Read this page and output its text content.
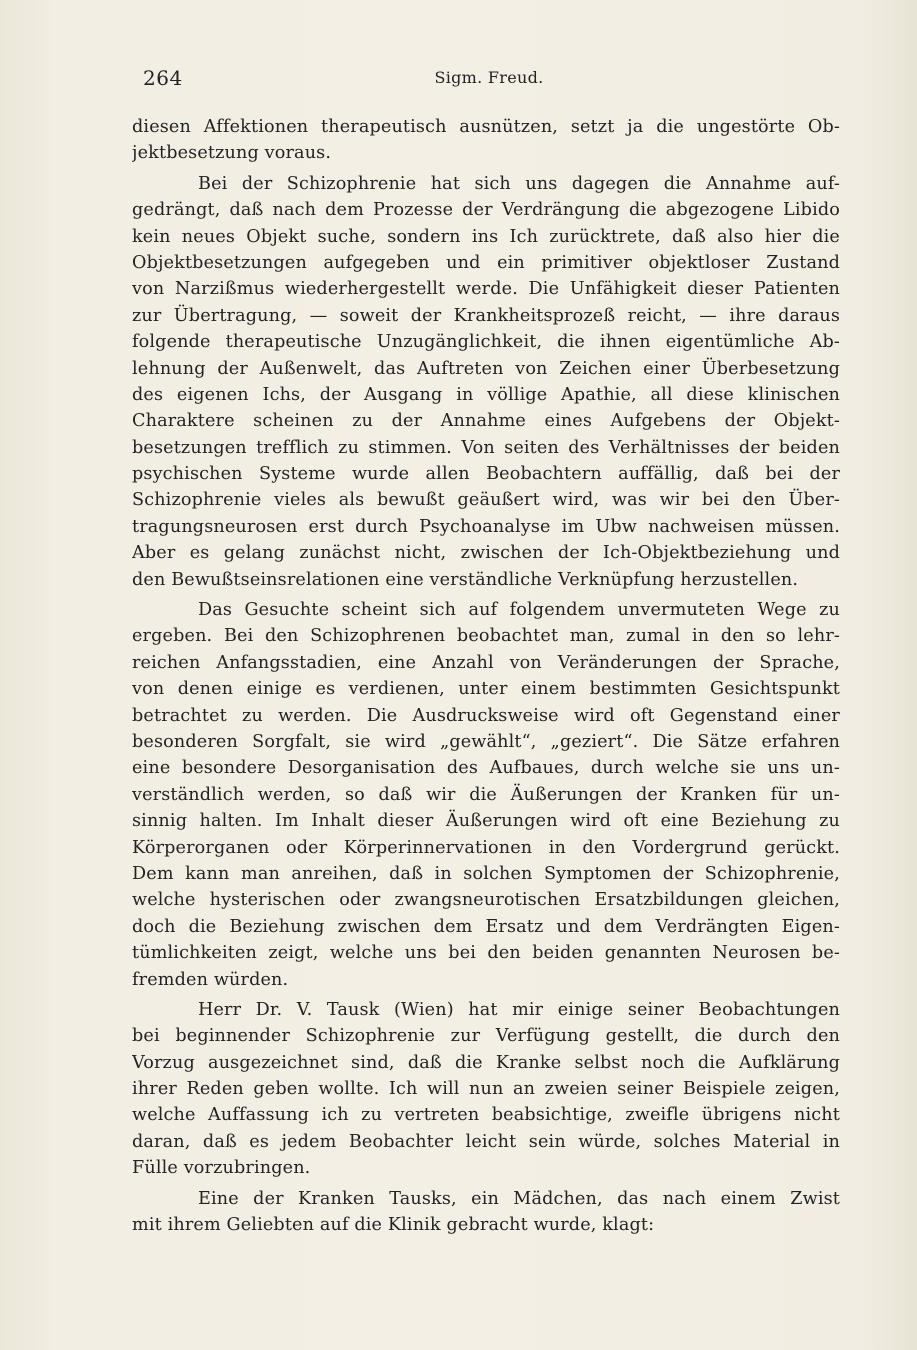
264	Sigm. Freud.
diesen Affektionen therapeutisch ausnützen, setzt ja die ungestörte Ob-
jektbesetzung voraus.
Bei der Schizophrenie hat sich uns dagegen die Annahme auf-
gedrängt, daß nach dem Prozesse der Verdrängung die abgezogene Libido
kein neues Objekt suche, sondern ins Ich zurücktrete, daß also hier die
Objektbesetzungen aufgegeben und ein primitiver objektloser Zustand
von Narzißmus wiederhergestellt werde. Die Unfähigkeit dieser Patienten
zur Übertragung, — soweit der Krankheitsprozeß reicht, — ihre daraus
folgende therapeutische Unzugänglichkeit, die ihnen eigentümliche Ab-
lehnung der Außenwelt, das Auftreten von Zeichen einer Überbesetzung
des eigenen Ichs, der Ausgang in völlige Apathie, all diese klinischen
Charaktere scheinen zu der Annahme eines Aufgebens der Objekt-
besetzungen trefflich zu stimmen. Von seiten des Verhältnisses der beiden
psychischen Systeme wurde allen Beobachtern auffällig, daß bei der
Schizophrenie vieles als bewußt geäußert wird, was wir bei den Über-
tragungsneurosen erst durch Psychoanalyse im Ubw nachweisen müssen.
Aber es gelang zunächst nicht, zwischen der Ich-Objektbeziehung und
den Bewußtseinsrelationen eine verständliche Verknüpfung herzustellen.
Das Gesuchte scheint sich auf folgendem unvermuteten Wege zu
ergeben. Bei den Schizophrenen beobachtet man, zumal in den so lehr-
reichen Anfangsstadien, eine Anzahl von Veränderungen der Sprache,
von denen einige es verdienen, unter einem bestimmten Gesichtspunkt
betrachtet zu werden. Die Ausdrucksweise wird oft Gegenstand einer
besonderen Sorgfalt, sie wird „gewählt“, „geziert“. Die Sätze erfahren
eine besondere Desorganisation des Aufbaues, durch welche sie uns un-
verständlich werden, so daß wir die Äußerungen der Kranken für un-
sinnig halten. Im Inhalt dieser Äußerungen wird oft eine Beziehung zu
Körperorganen oder Körperinnervationen in den Vordergrund gerückt.
Dem kann man anreihen, daß in solchen Symptomen der Schizophrenie,
welche hysterischen oder zwangsneurotischen Ersatzbildungen gleichen,
doch die Beziehung zwischen dem Ersatz und dem Verdrängten Eigen-
tümlichkeiten zeigt, welche uns bei den beiden genannten Neurosen be-
fremden würden.
Herr Dr. V. Tausk (Wien) hat mir einige seiner Beobachtungen
bei beginnender Schizophrenie zur Verfügung gestellt, die durch den
Vorzug ausgezeichnet sind, daß die Kranke selbst noch die Aufklärung
ihrer Reden geben wollte. Ich will nun an zweien seiner Beispiele zeigen,
welche Auffassung ich zu vertreten beabsichtige, zweifle übrigens nicht
daran, daß es jedem Beobachter leicht sein würde, solches Material in
Fülle vorzubringen.
Eine der Kranken Tausks, ein Mädchen, das nach einem Zwist
mit ihrem Geliebten auf die Klinik gebracht wurde, klagt:
